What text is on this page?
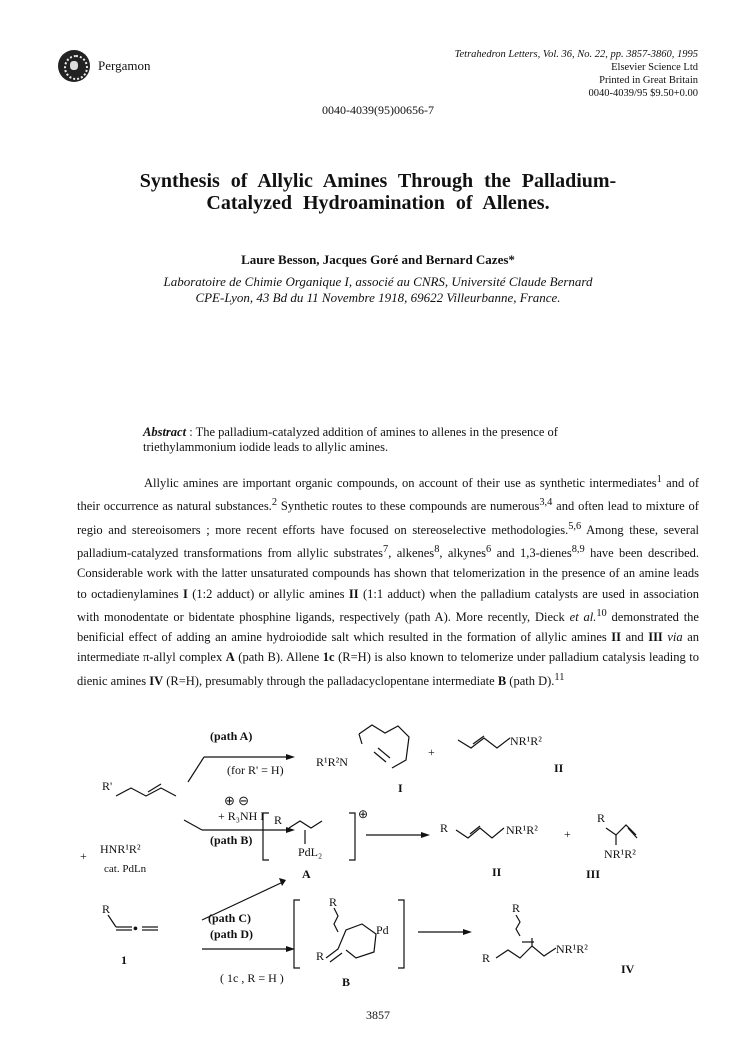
Pergamon
Tetrahedron Letters, Vol. 36, No. 22, pp. 3857-3860, 1995
Elsevier Science Ltd
Printed in Great Britain
0040-4039/95 $9.50+0.00
0040-4039(95)00656-7
Synthesis of Allylic Amines Through the Palladium-
Catalyzed Hydroamination of Allenes.
Laure Besson, Jacques Goré and Bernard Cazes*
Laboratoire de Chimie Organique I, associé au CNRS, Université Claude Bernard
CPE-Lyon, 43 Bd du 11 Novembre 1918, 69622 Villeurbanne, France.
Abstract : The palladium-catalyzed addition of amines to allenes in the presence of triethylammonium iodide leads to allylic amines.
Allylic amines are important organic compounds, on account of their use as synthetic intermediates$^1$ and of their occurrence as natural substances.$^2$ Synthetic routes to these compounds are numerous$^{3,4}$ and often lead to mixture of regio and stereoisomers ; more recent efforts have focused on stereoselective methodologies.$^{5,6}$ Among these, several palladium-catalyzed transformations from allylic substrates$^7$, alkenes$^8$, alkynes$^6$ and 1,3-dienes$^{8,9}$ have been described. Considerable work with the latter unsaturated compounds has shown that telomerization in the presence of an amine leads to octadienylamines I (1:2 adduct) or allylic amines II (1:1 adduct) when the palladium catalysts are used in association with monodentate or bidentate phosphine ligands, respectively (path A). More recently, Dieck et al.$^{10}$ demonstrated the benificial effect of adding an amine hydroiodide salt which resulted in the formation of allylic amines II and III via an intermediate π-allyl complex A (path B). Allene 1c (R=H) is also known to telomerize under palladium catalysis leading to dienic amines IV (R=H), presumably through the palladacyclopentane intermediate B (path D).$^{11}$
(path A)
(for R' = H)
R¹R²N
I
+
NR¹R²
II
R'
⊕ ⊖
+ R₃NH I
(path B)
+ HNR¹R²
cat. PdLn
R
PdL₂
⊕
A
R	NR¹R²
II
+
R
NR¹R²
III
(path C)
R
•
1
(path D)
( 1c , R = H )
R
Pd
R
B
R
R
NR¹R²
IV
3857
